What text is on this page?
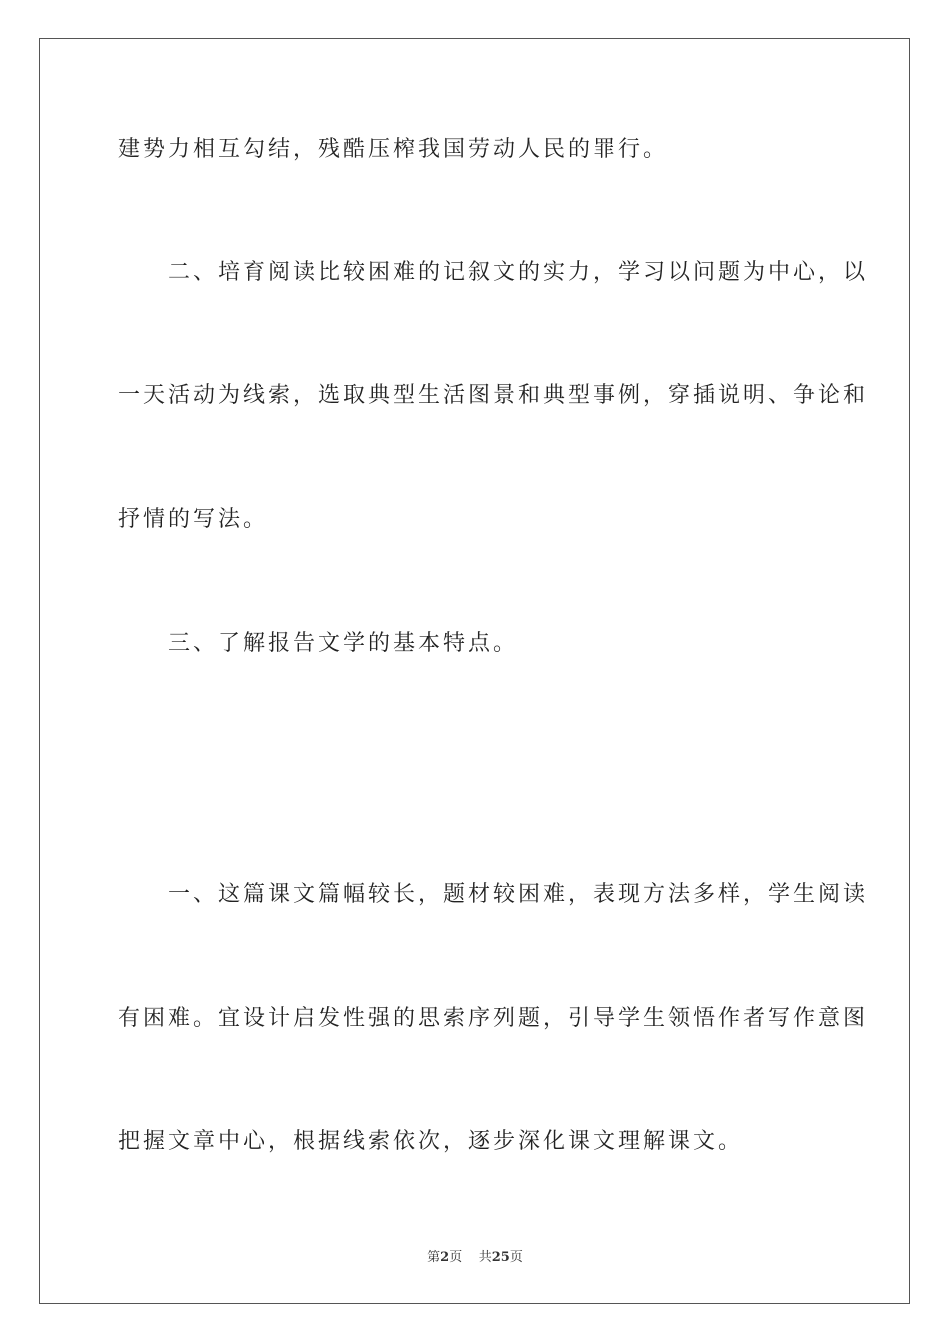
建势力相互勾结，残酷压榨我国劳动人民的罪行。
　　二、培育阅读比较困难的记叙文的实力，学习以问题为中心，以
一天活动为线索，选取典型生活图景和典型事例，穿插说明、争论和
抒情的写法。
　　三、了解报告文学的基本特点。
　　一、这篇课文篇幅较长，题材较困难，表现方法多样，学生阅读
有困难。宜设计启发性强的思索序列题，引导学生领悟作者写作意图
把握文章中心，根据线索依次，逐步深化课文理解课文。
第2页 共25页
